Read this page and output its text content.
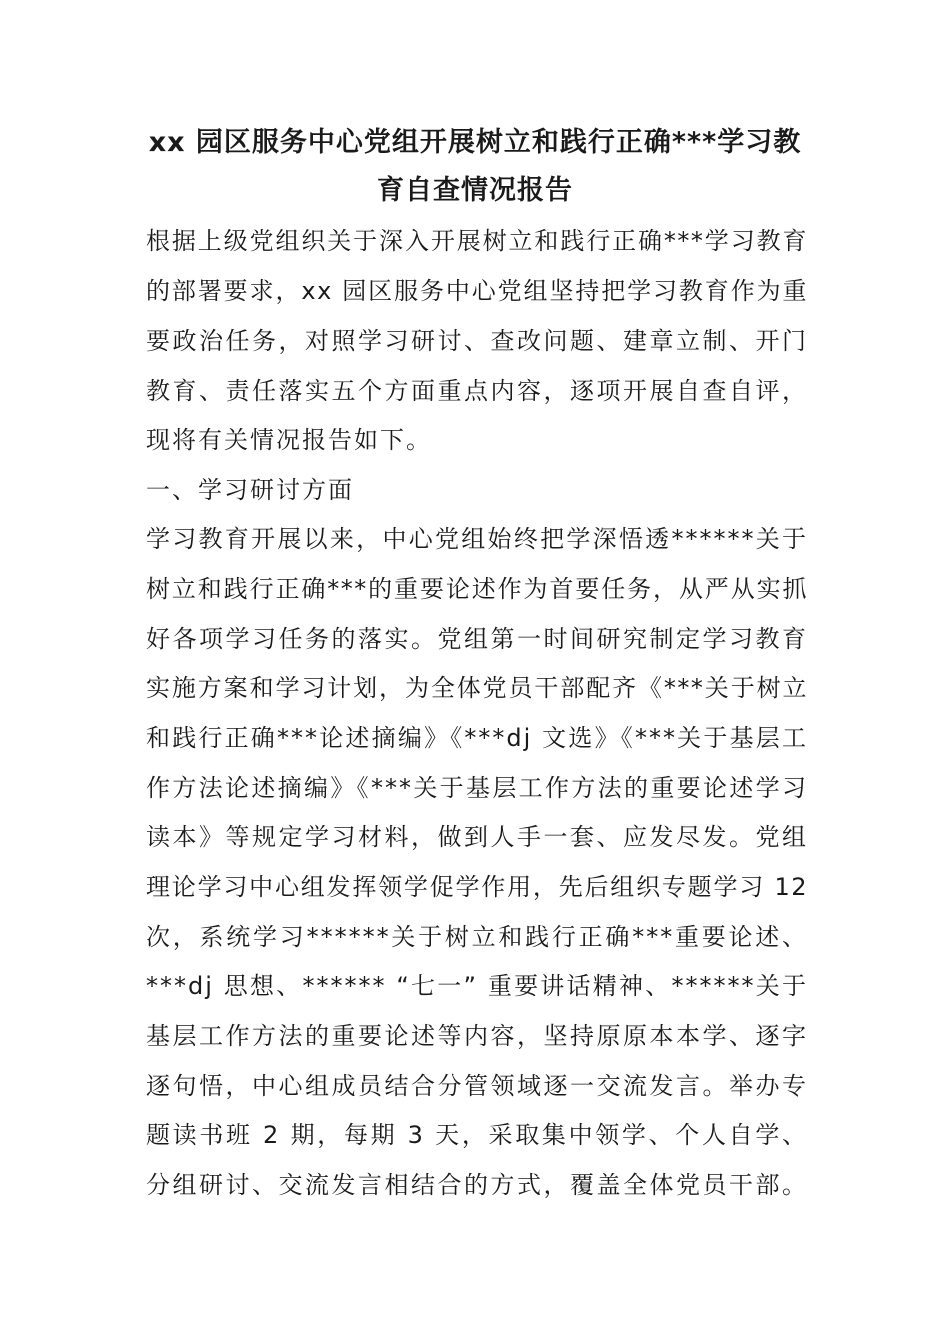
xx 园区服务中心党组开展树立和践行正确***学习教
育自查情况报告
根据上级党组织关于深入开展树立和践行正确***学习教育
的部署要求，xx 园区服务中心党组坚持把学习教育作为重
要政治任务，对照学习研讨、查改问题、建章立制、开门
教育、责任落实五个方面重点内容，逐项开展自查自评，
现将有关情况报告如下。
一、学习研讨方面
学习教育开展以来，中心党组始终把学深悟透******关于
树立和践行正确***的重要论述作为首要任务，从严从实抓
好各项学习任务的落实。党组第一时间研究制定学习教育
实施方案和学习计划，为全体党员干部配齐《***关于树立
和践行正确***论述摘编》《***dj 文选》《***关于基层工
作方法论述摘编》《***关于基层工作方法的重要论述学习
读本》等规定学习材料，做到人手一套、应发尽发。党组
理论学习中心组发挥领学促学作用，先后组织专题学习 12
次，系统学习******关于树立和践行正确***重要论述、
***dj 思想、****** “七一” 重要讲话精神、******关于
基层工作方法的重要论述等内容，坚持原原本本学、逐字
逐句悟，中心组成员结合分管领域逐一交流发言。举办专
题读书班 2 期，每期 3 天，采取集中领学、个人自学、
分组研讨、交流发言相结合的方式，覆盖全体党员干部。
